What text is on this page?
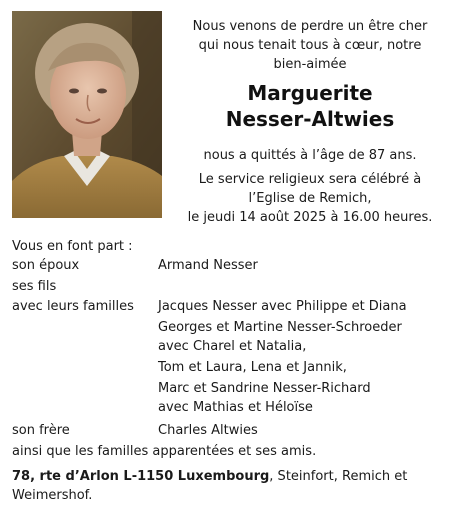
Nous venons de perdre un être cher
qui nous tenait tous à cœur, notre
bien-aimée

Marguerite
Nesser-Altwies

nous a quittés à l’âge de 87 ans.

Le service religieux sera célébré à
l’Eglise de Remich,
le jeudi 14 août 2025 à 16.00 heures.

Vous en font part :
son époux	Armand Nesser
ses fils
avec leurs familles Jacques Nesser avec Philippe et Diana
Georges et Martine Nesser-Schroeder
avec Charel et Natalia,
Tom et Laura, Lena et Jannik,
Marc et Sandrine Nesser-Richard
avec Mathias et Héloïse
son frère	Charles Altwies
ainsi que les familles apparentées et ses amis.

78, rte d’Arlon L-1150 Luxembourg, Steinfort, Remich et
Weimershof.
